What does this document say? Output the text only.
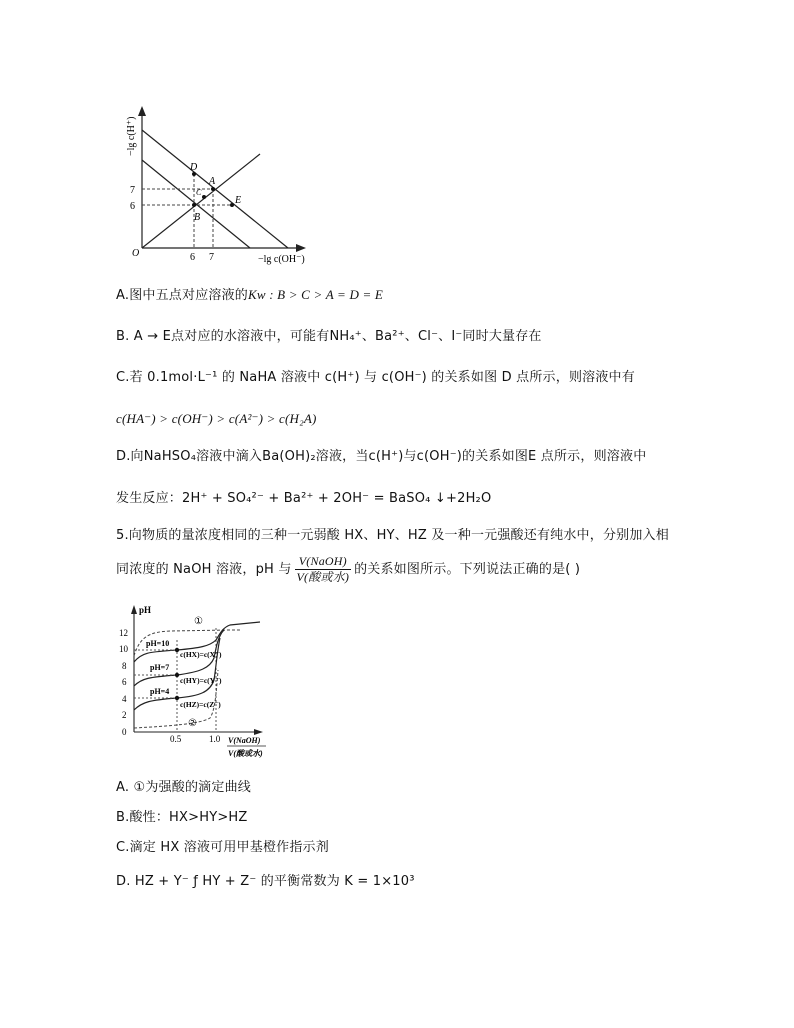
−lg c(H⁺)
−lg c(OH⁻)
O
7
6
6 7
D
A
C
E
B
A.图中五点对应溶液的Kw : B > C > A = D = E
B. A → E点对应的水溶液中，可能有NH₄⁺、Ba²⁺、Cl⁻、I⁻同时大量存在
C.若 0.1mol·L⁻¹ 的 NaHA 溶液中 c(H⁺) 与 c(OH⁻) 的关系如图 D 点所示，则溶液中有
c(HA⁻) > c(OH⁻) > c(A²⁻) > c(H₂A)
D.向NaHSO₄溶液中滴入Ba(OH)₂溶液，当c(H⁺)与c(OH⁻)的关系如图E 点所示，则溶液中
发生反应：2H⁺ + SO₄²⁻ + Ba²⁺ + 2OH⁻ = BaSO₄ ↓+2H₂O
5.向物质的量浓度相同的三种一元弱酸 HX、HY、HZ 及一种一元强酸还有纯水中，分别加入相
同浓度的 NaOH 溶液，pH 与 $\frac{\text{V(NaOH)}}{\text{V(酸或水)}}$ 的关系如图所示。下列说法正确的是( )
pH
12
10
8
6
4
2
0
0.5	1.0 V(NaOH)
V(酸或水)
①
②
pH=10
c(HX)=c(X⁻)
pH=7
c(HY)=c(Y⁻)
pH=4
c(HZ)=c(Z⁻)
A. ①为强酸的滴定曲线
B.酸性：HX>HY>HZ
C.滴定 HX 溶液可用甲基橙作指示剂
D. HZ + Y⁻ ƒ HY + Z⁻ 的平衡常数为 K = 1×10³
